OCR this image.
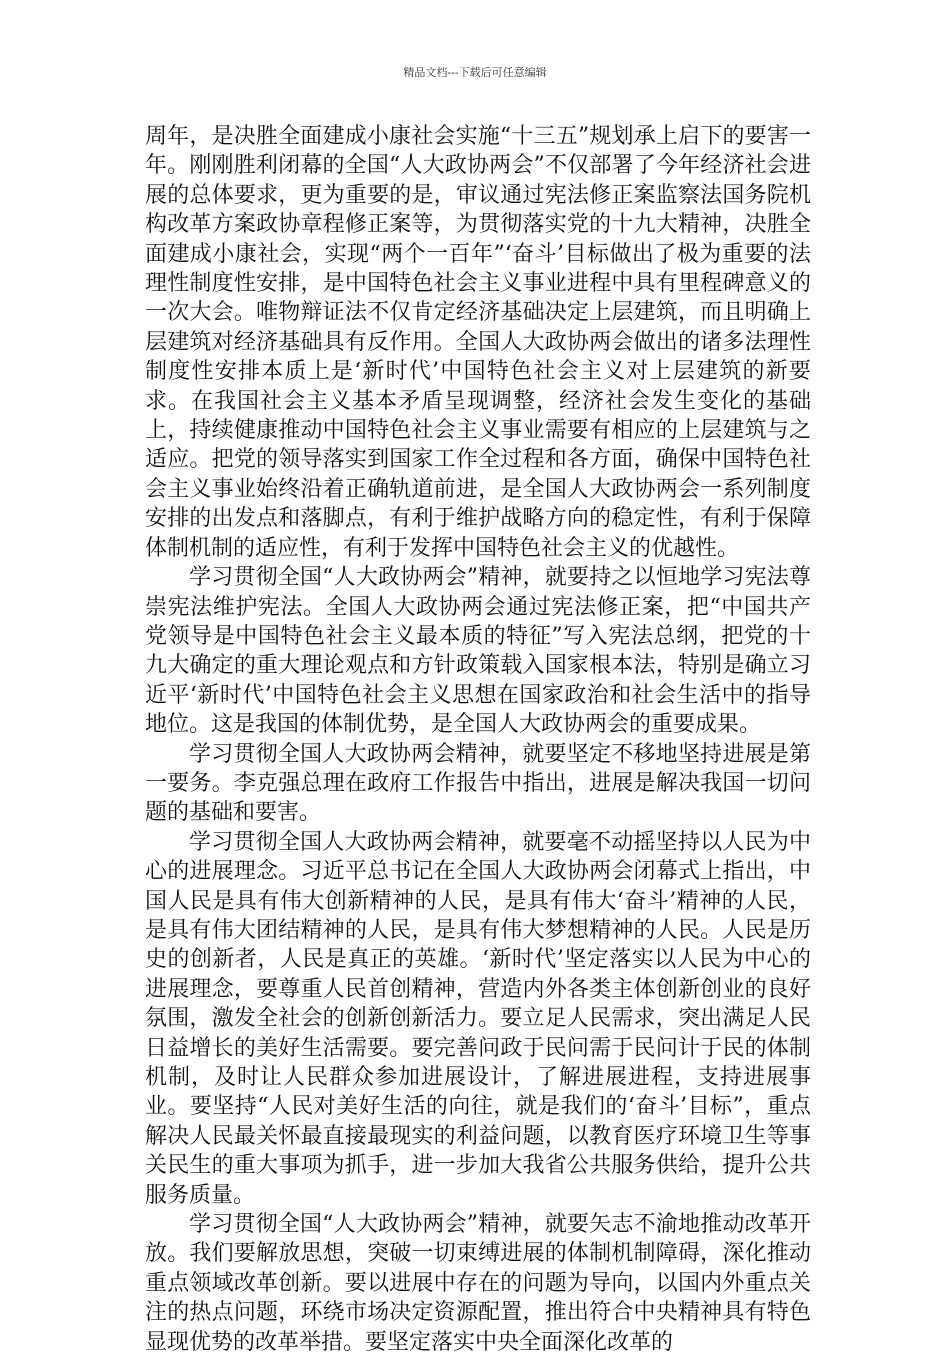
精品文档---下载后可任意编辑

周年，是决胜全面建成小康社会实施“十三五”规划承上启下的要害一年。刚刚胜利闭幕的全国“人大政协两会”不仅部署了今年经济社会进展的总体要求，更为重要的是，审议通过宪法修正案监察法国务院机构改革方案政协章程修正案等，为贯彻落实党的十九大精神，决胜全面建成小康社会，实现“两个一百年”‘奋斗’目标做出了极为重要的法理性制度性安排，是中国特色社会主义事业进程中具有里程碑意义的一次大会。唯物辩证法不仅肯定经济基础决定上层建筑，而且明确上层建筑对经济基础具有反作用。全国人大政协两会做出的诸多法理性制度性安排本质上是‘新时代’中国特色社会主义对上层建筑的新要求。在我国社会主义基本矛盾呈现调整，经济社会发生变化的基础上，持续健康推动中国特色社会主义事业需要有相应的上层建筑与之适应。把党的领导落实到国家工作全过程和各方面，确保中国特色社会主义事业始终沿着正确轨道前进，是全国人大政协两会一系列制度安排的出发点和落脚点，有利于维护战略方向的稳定性，有利于保障体制机制的适应性，有利于发挥中国特色社会主义的优越性。

学习贯彻全国“人大政协两会”精神，就要持之以恒地学习宪法尊崇宪法维护宪法。全国人大政协两会通过宪法修正案，把“中国共产党领导是中国特色社会主义最本质的特征”写入宪法总纲，把党的十九大确定的重大理论观点和方针政策载入国家根本法，特别是确立习近平‘新时代’中国特色社会主义思想在国家政治和社会生活中的指导地位。这是我国的体制优势，是全国人大政协两会的重要成果。

学习贯彻全国人大政协两会精神，就要坚定不移地坚持进展是第一要务。李克强总理在政府工作报告中指出，进展是解决我国一切问题的基础和要害。

学习贯彻全国人大政协两会精神，就要毫不动摇坚持以人民为中心的进展理念。习近平总书记在全国人大政协两会闭幕式上指出，中国人民是具有伟大创新精神的人民，是具有伟大‘奋斗’精神的人民，是具有伟大团结精神的人民，是具有伟大梦想精神的人民。人民是历史的创新者，人民是真正的英雄。‘新时代’坚定落实以人民为中心的进展理念，要尊重人民首创精神，营造内外各类主体创新创业的良好氛围，激发全社会的创新创新活力。要立足人民需求，突出满足人民日益增长的美好生活需要。要完善问政于民问需于民问计于民的体制机制，及时让人民群众参加进展设计，了解进展进程，支持进展事业。要坚持“人民对美好生活的向往，就是我们的‘奋斗’目标”，重点解决人民最关怀最直接最现实的利益问题，以教育医疗环境卫生等事关民生的重大事项为抓手，进一步加大我省公共服务供给，提升公共服务质量。

学习贯彻全国“人大政协两会”精神，就要矢志不渝地推动改革开放。我们要解放思想，突破一切束缚进展的体制机制障碍，深化推动重点领域改革创新。要以进展中存在的问题为导向，以国内外重点关注的热点问题，环绕市场决定资源配置，推出符合中央精神具有特色显现优势的改革举措。要坚定落实中央全面深化改革的
